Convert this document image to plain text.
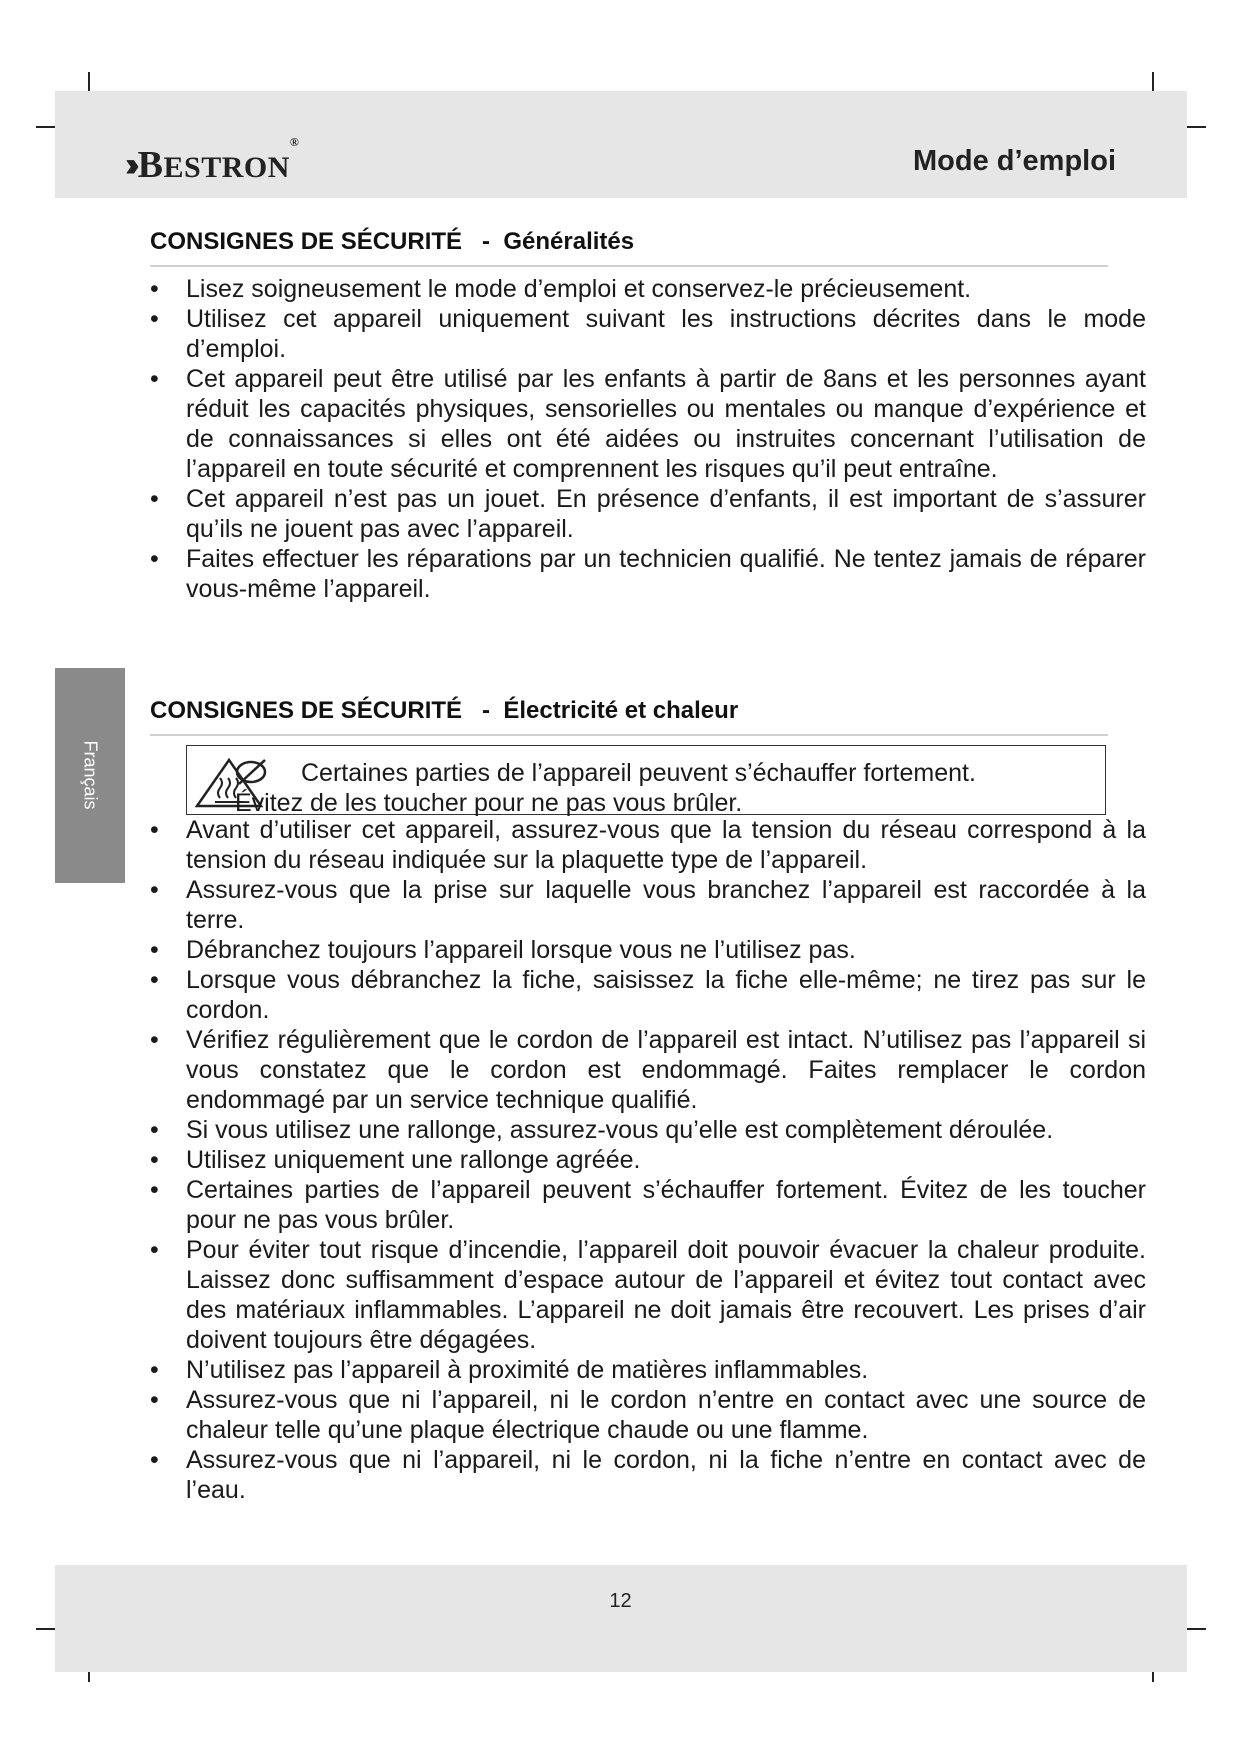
›› BESTRON®
Mode d’emploi
Français
CONSIGNES DE SÉCURITÉ   -  Généralités
• Lisez soigneusement le mode d’emploi et conservez-le précieusement.
• Utilisez cet appareil uniquement suivant les instructions décrites dans le mode d’emploi.
• Cet appareil peut être utilisé par les enfants à partir de 8ans et les personnes ayant réduit les capacités physiques, sensorielles ou mentales ou manque d’expérience et de connaissances si elles ont été aidées ou instruites concernant l’utilisation de l’appareil en toute sécurité et comprennent les risques qu’il peut entraîne.
• Cet appareil n’est pas un jouet. En présence d’enfants, il est important de s’assurer qu’ils ne jouent pas avec l’appareil.
• Faites effectuer les réparations par un technicien qualifié. Ne tentez jamais de réparer vous-même l’appareil.
CONSIGNES DE SÉCURITÉ   -  Électricité et chaleur
Certaines parties de l’appareil peuvent s’échauffer fortement.
Évitez de les toucher pour ne pas vous brûler.
• Avant d’utiliser cet appareil, assurez-vous que la tension du réseau correspond à la tension du réseau indiquée sur la plaquette type de l’appareil.
• Assurez-vous que la prise sur laquelle vous branchez l’appareil est raccordée à la terre.
• Débranchez toujours l’appareil lorsque vous ne l’utilisez pas.
• Lorsque vous débranchez la fiche, saisissez la fiche elle-même; ne tirez pas sur le cordon.
• Vérifiez régulièrement que le cordon de l’appareil est intact. N’utilisez pas l’appareil si vous constatez que le cordon est endommagé. Faites remplacer le cordon endommagé par un service technique qualifié.
• Si vous utilisez une rallonge, assurez-vous qu’elle est complètement déroulée.
• Utilisez uniquement une rallonge agréée.
• Certaines parties de l’appareil peuvent s’échauffer fortement. Évitez de les toucher pour ne pas vous brûler.
• Pour éviter tout risque d’incendie, l’appareil doit pouvoir évacuer la chaleur produite. Laissez donc suffisamment d’espace autour de l’appareil et évitez tout contact avec des matériaux inflammables. L’appareil ne doit jamais être recouvert. Les prises d’air doivent toujours être dégagées.
• N’utilisez pas l’appareil à proximité de matières inflammables.
• Assurez-vous que ni l’appareil, ni le cordon n’entre en contact avec une source de chaleur telle qu’une plaque électrique chaude ou une flamme.
• Assurez-vous que ni l’appareil, ni le cordon, ni la fiche n’entre en contact avec de l’eau.
12
